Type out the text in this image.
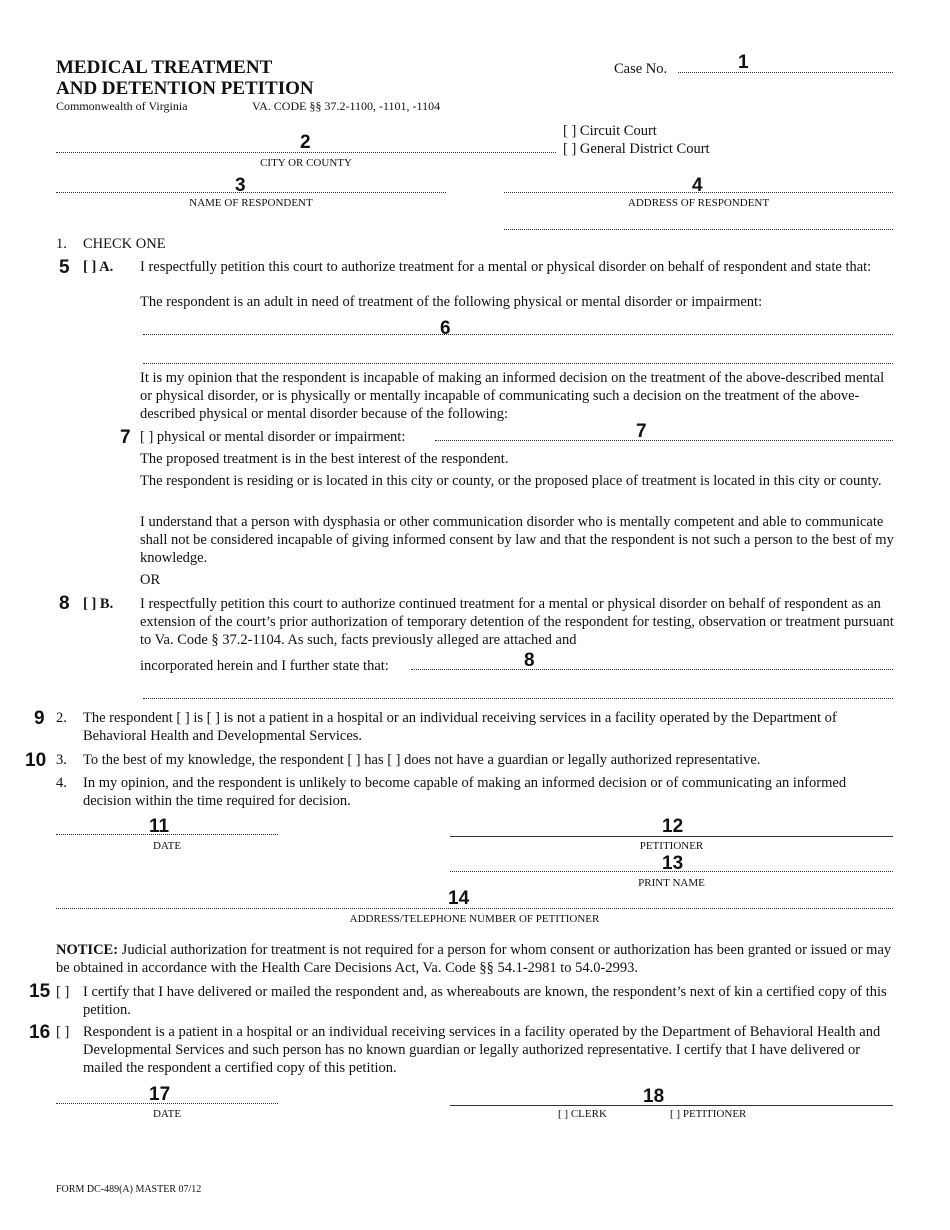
MEDICAL TREATMENT
AND DETENTION PETITION
Commonwealth of Virginia	VA. CODE §§ 37.2-1100, -1101, -1104
Case No.	1
[ ] Circuit Court
[ ] General District Court
2
CITY OR COUNTY
3
NAME OF RESPONDENT
4
ADDRESS OF RESPONDENT
1. CHECK ONE
5 [ ] A. I respectfully petition this court to authorize treatment for a mental or physical disorder on behalf of respondent and state that:
The respondent is an adult in need of treatment of the following physical or mental disorder or impairment:
6
It is my opinion that the respondent is incapable of making an informed decision on the treatment of the above-described mental or physical disorder, or is physically or mentally incapable of communicating such a decision on the treatment of the above-described physical or mental disorder because of the following:
7 [ ] physical or mental disorder or impairment:	7
The proposed treatment is in the best interest of the respondent.
The respondent is residing or is located in this city or county, or the proposed place of treatment is located in this city or county.
I understand that a person with dysphasia or other communication disorder who is mentally competent and able to communicate shall not be considered incapable of giving informed consent by law and that the respondent is not such a person to the best of my knowledge.
OR
8 [ ] B. I respectfully petition this court to authorize continued treatment for a mental or physical disorder on behalf of respondent as an extension of the court’s prior authorization of temporary detention of the respondent for testing, observation or treatment pursuant to Va. Code § 37.2-1104. As such, facts previously alleged are attached and
incorporated herein and I further state that:	8
9 2. The respondent [ ] is [ ] is not a patient in a hospital or an individual receiving services in a facility operated by the Department of Behavioral Health and Developmental Services.
10 3. To the best of my knowledge, the respondent [ ] has [ ] does not have a guardian or legally authorized representative.
4. In my opinion, and the respondent is unlikely to become capable of making an informed decision or of communicating an informed decision within the time required for decision.
11
DATE
12
PETITIONER
13
PRINT NAME
14
ADDRESS/TELEPHONE NUMBER OF PETITIONER
NOTICE: Judicial authorization for treatment is not required for a person for whom consent or authorization has been granted or issued or may be obtained in accordance with the Health Care Decisions Act, Va. Code §§ 54.1-2981 to 54.0-2993.
15 [ ] I certify that I have delivered or mailed the respondent and, as whereabouts are known, the respondent’s next of kin a certified copy of this petition.
16 [ ] Respondent is a patient in a hospital or an individual receiving services in a facility operated by the Department of Behavioral Health and Developmental Services and such person has no known guardian or legally authorized representative. I certify that I have delivered or mailed the respondent a certified copy of this petition.
17
DATE
18
[ ] CLERK	[ ] PETITIONER
FORM DC-489(A) MASTER 07/12
